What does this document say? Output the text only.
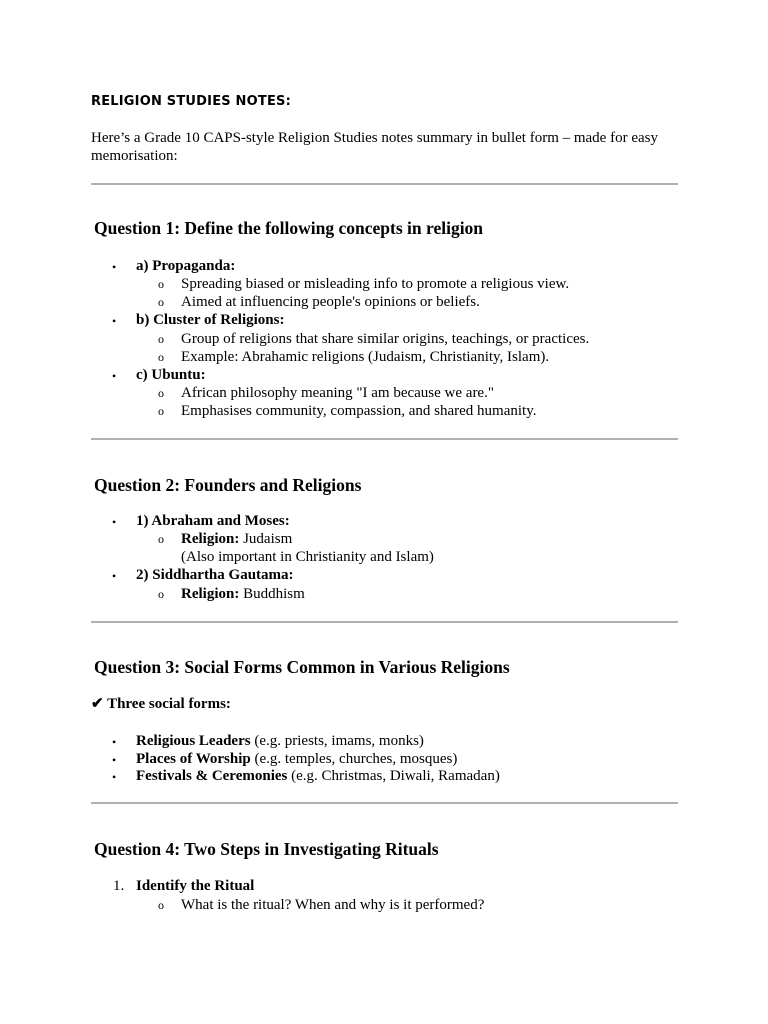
RELIGION STUDIES NOTES:
Here’s a Grade 10 CAPS-style Religion Studies notes summary in bullet form – made for easy
memorisation:
Question 1: Define the following concepts in religion
• a) Propaganda:
o Spreading biased or misleading info to promote a religious view.
o Aimed at influencing people's opinions or beliefs.
• b) Cluster of Religions:
o Group of religions that share similar origins, teachings, or practices.
o Example: Abrahamic religions (Judaism, Christianity, Islam).
• c) Ubuntu:
o African philosophy meaning "I am because we are."
o Emphasises community, compassion, and shared humanity.
Question 2: Founders and Religions
• 1) Abraham and Moses:
o Religion: Judaism
(Also important in Christianity and Islam)
• 2) Siddhartha Gautama:
o Religion: Buddhism
Question 3: Social Forms Common in Various Religions
✔ Three social forms:
• Religious Leaders (e.g. priests, imams, monks)
• Places of Worship (e.g. temples, churches, mosques)
• Festivals & Ceremonies (e.g. Christmas, Diwali, Ramadan)
Question 4: Two Steps in Investigating Rituals
1. Identify the Ritual
o What is the ritual? When and why is it performed?
